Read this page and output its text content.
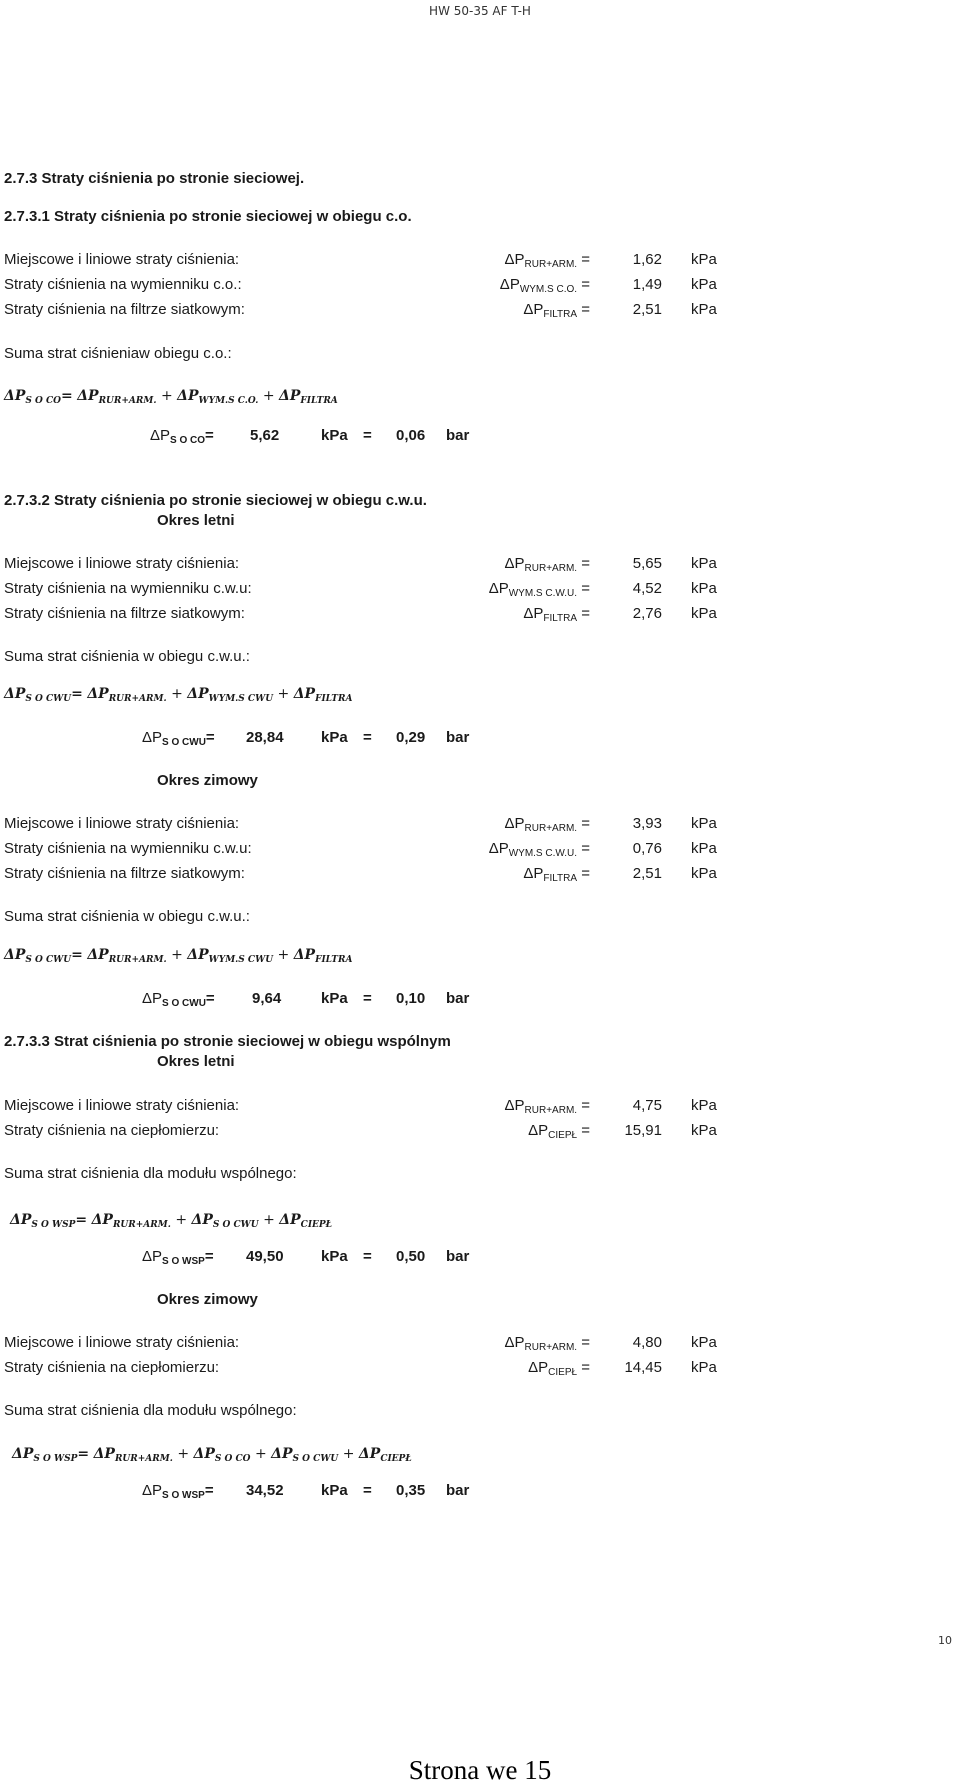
HW 50-35 AF T-H
2.7.3 Straty ciśnienia po stronie sieciowej.
2.7.3.1 Straty ciśnienia po stronie sieciowej w obiegu c.o.
Miejscowe i liniowe straty ciśnienia:	$\Delta P_{RUR+ARM.}$ =	1,62 kPa
Straty ciśnienia na wymienniku c.o.:	$\Delta P_{WYM.S C.O.}$ =	1,49 kPa
Straty ciśnienia na filtrze siatkowym:	$\Delta P_{FILTRA}$ =	2,51 kPa
Suma strat ciśnieniaw obiegu c.o.:
$\Delta P_{S O CO}= \Delta P_{RUR+ARM.} + \Delta P_{WYM.S C.O.} + \Delta P_{FILTRA}$
$\Delta P_{S O CO}= 5,62$	kPa = 0,06 bar
2.7.3.2 Straty ciśnienia po stronie sieciowej w obiegu c.w.u.
Okres letni
Miejscowe i liniowe straty ciśnienia:	$\Delta P_{RUR+ARM.}$ =	5,65 kPa
Straty ciśnienia na wymienniku c.w.u:	$\Delta P_{WYM.S C.W.U.}$ =	4,52 kPa
Straty ciśnienia na filtrze siatkowym:	$\Delta P_{FILTRA}$ =	2,76 kPa
Suma strat ciśnienia w obiegu c.w.u.:
$\Delta P_{S O CWU}= \Delta P_{RUR+ARM.} + \Delta P_{WYM.S CWU} + \Delta P_{FILTRA}$
$\Delta P_{S O CWU}= 28,84$ kPa = 0,29 bar
Okres zimowy
Miejscowe i liniowe straty ciśnienia:	$\Delta P_{RUR+ARM.}$ =	3,93 kPa
Straty ciśnienia na wymienniku c.w.u:	$\Delta P_{WYM.S C.W.U.}$ =	0,76 kPa
Straty ciśnienia na filtrze siatkowym:	$\Delta P_{FILTRA}$ =	2,51 kPa
Suma strat ciśnienia w obiegu c.w.u.:
$\Delta P_{S O CWU}= \Delta P_{RUR+ARM.} + \Delta P_{WYM.S CWU} + \Delta P_{FILTRA}$
$\Delta P_{S O CWU}= 9,64$	kPa = 0,10 bar
2.7.3.3 Strat ciśnienia po stronie sieciowej w obiegu wspólnym
Okres letni
Miejscowe i liniowe straty ciśnienia:	$\Delta P_{RUR+ARM.}$ =	4,75 kPa
Straty ciśnienia na ciepłomierzu:	$\Delta P_{CIEPŁ}$ =	15,91 kPa
Suma strat ciśnienia dla modułu wspólnego:
$\Delta P_{S O WSP}= \Delta P_{RUR+ARM.} + \Delta P_{S O CWU} + \Delta P_{CIEPŁ}$
$\Delta P_{S O WSP}= 49,50$ kPa = 0,50 bar
Okres zimowy
Miejscowe i liniowe straty ciśnienia:	$\Delta P_{RUR+ARM.}$ =	4,80 kPa
Straty ciśnienia na ciepłomierzu:	$\Delta P_{CIEPŁ}$ =	14,45 kPa
Suma strat ciśnienia dla modułu wspólnego:
$\Delta P_{S O WSP}= \Delta P_{RUR+ARM.} + \Delta P_{S O CO} + \Delta P_{S O CWU} + \Delta P_{CIEPŁ}$
$\Delta P_{S O WSP}= 34,52$ kPa = 0,35 bar
10
Strona we 15
